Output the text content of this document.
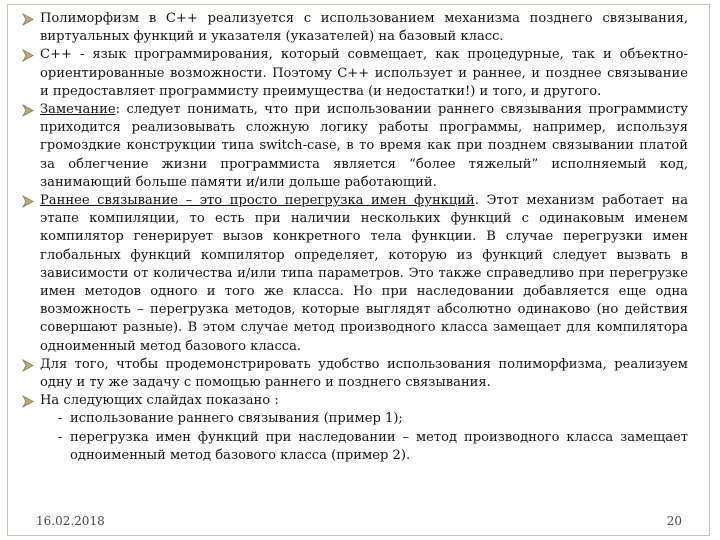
Полиморфизм в С++ реализуется с использованием механизма позднего связывания, виртуальных функций и указателя (указателей) на базовый класс.
С++ - язык программирования, который совмещает, как процедурные, так и объектно-ориентированные возможности. Поэтому С++ использует и раннее, и позднее связывание и предоставляет программисту преимущества (и недостатки!) и того, и другого.
Замечание: следует понимать, что при использовании раннего связывания программисту приходится реализовывать сложную логику работы программы, например, используя громоздкие конструкции типа switch-case, в то время как при позднем связывании платой за облегчение жизни программиста является “более тяжелый” исполняемый код, занимающий больше памяти и/или дольше работающий.
Раннее связывание – это просто перегрузка имен функций. Этот механизм работает на этапе компиляции, то есть при наличии нескольких функций с одинаковым именем компилятор генерирует вызов конкретного тела функции. В случае перегрузки имен глобальных функций компилятор определяет, которую из функций следует вызвать в зависимости от количества и/или типа параметров. Это также справедливо при перегрузке имен методов одного и того же класса. Но при наследовании добавляется еще одна возможность – перегрузка методов, которые выглядят абсолютно одинаково (но действия совершают разные). В этом случае метод производного класса замещает для компилятора одноименный метод базового класса.
Для того, чтобы продемонстрировать удобство использования полиморфизма, реализуем одну и ту же задачу с помощью раннего и позднего связывания.
На следующих слайдах показано :
- использование раннего связывания (пример 1);
- перегрузка имен функций при наследовании – метод производного класса замещает одноименный метод базового класса (пример 2).
16.02.2018	20
